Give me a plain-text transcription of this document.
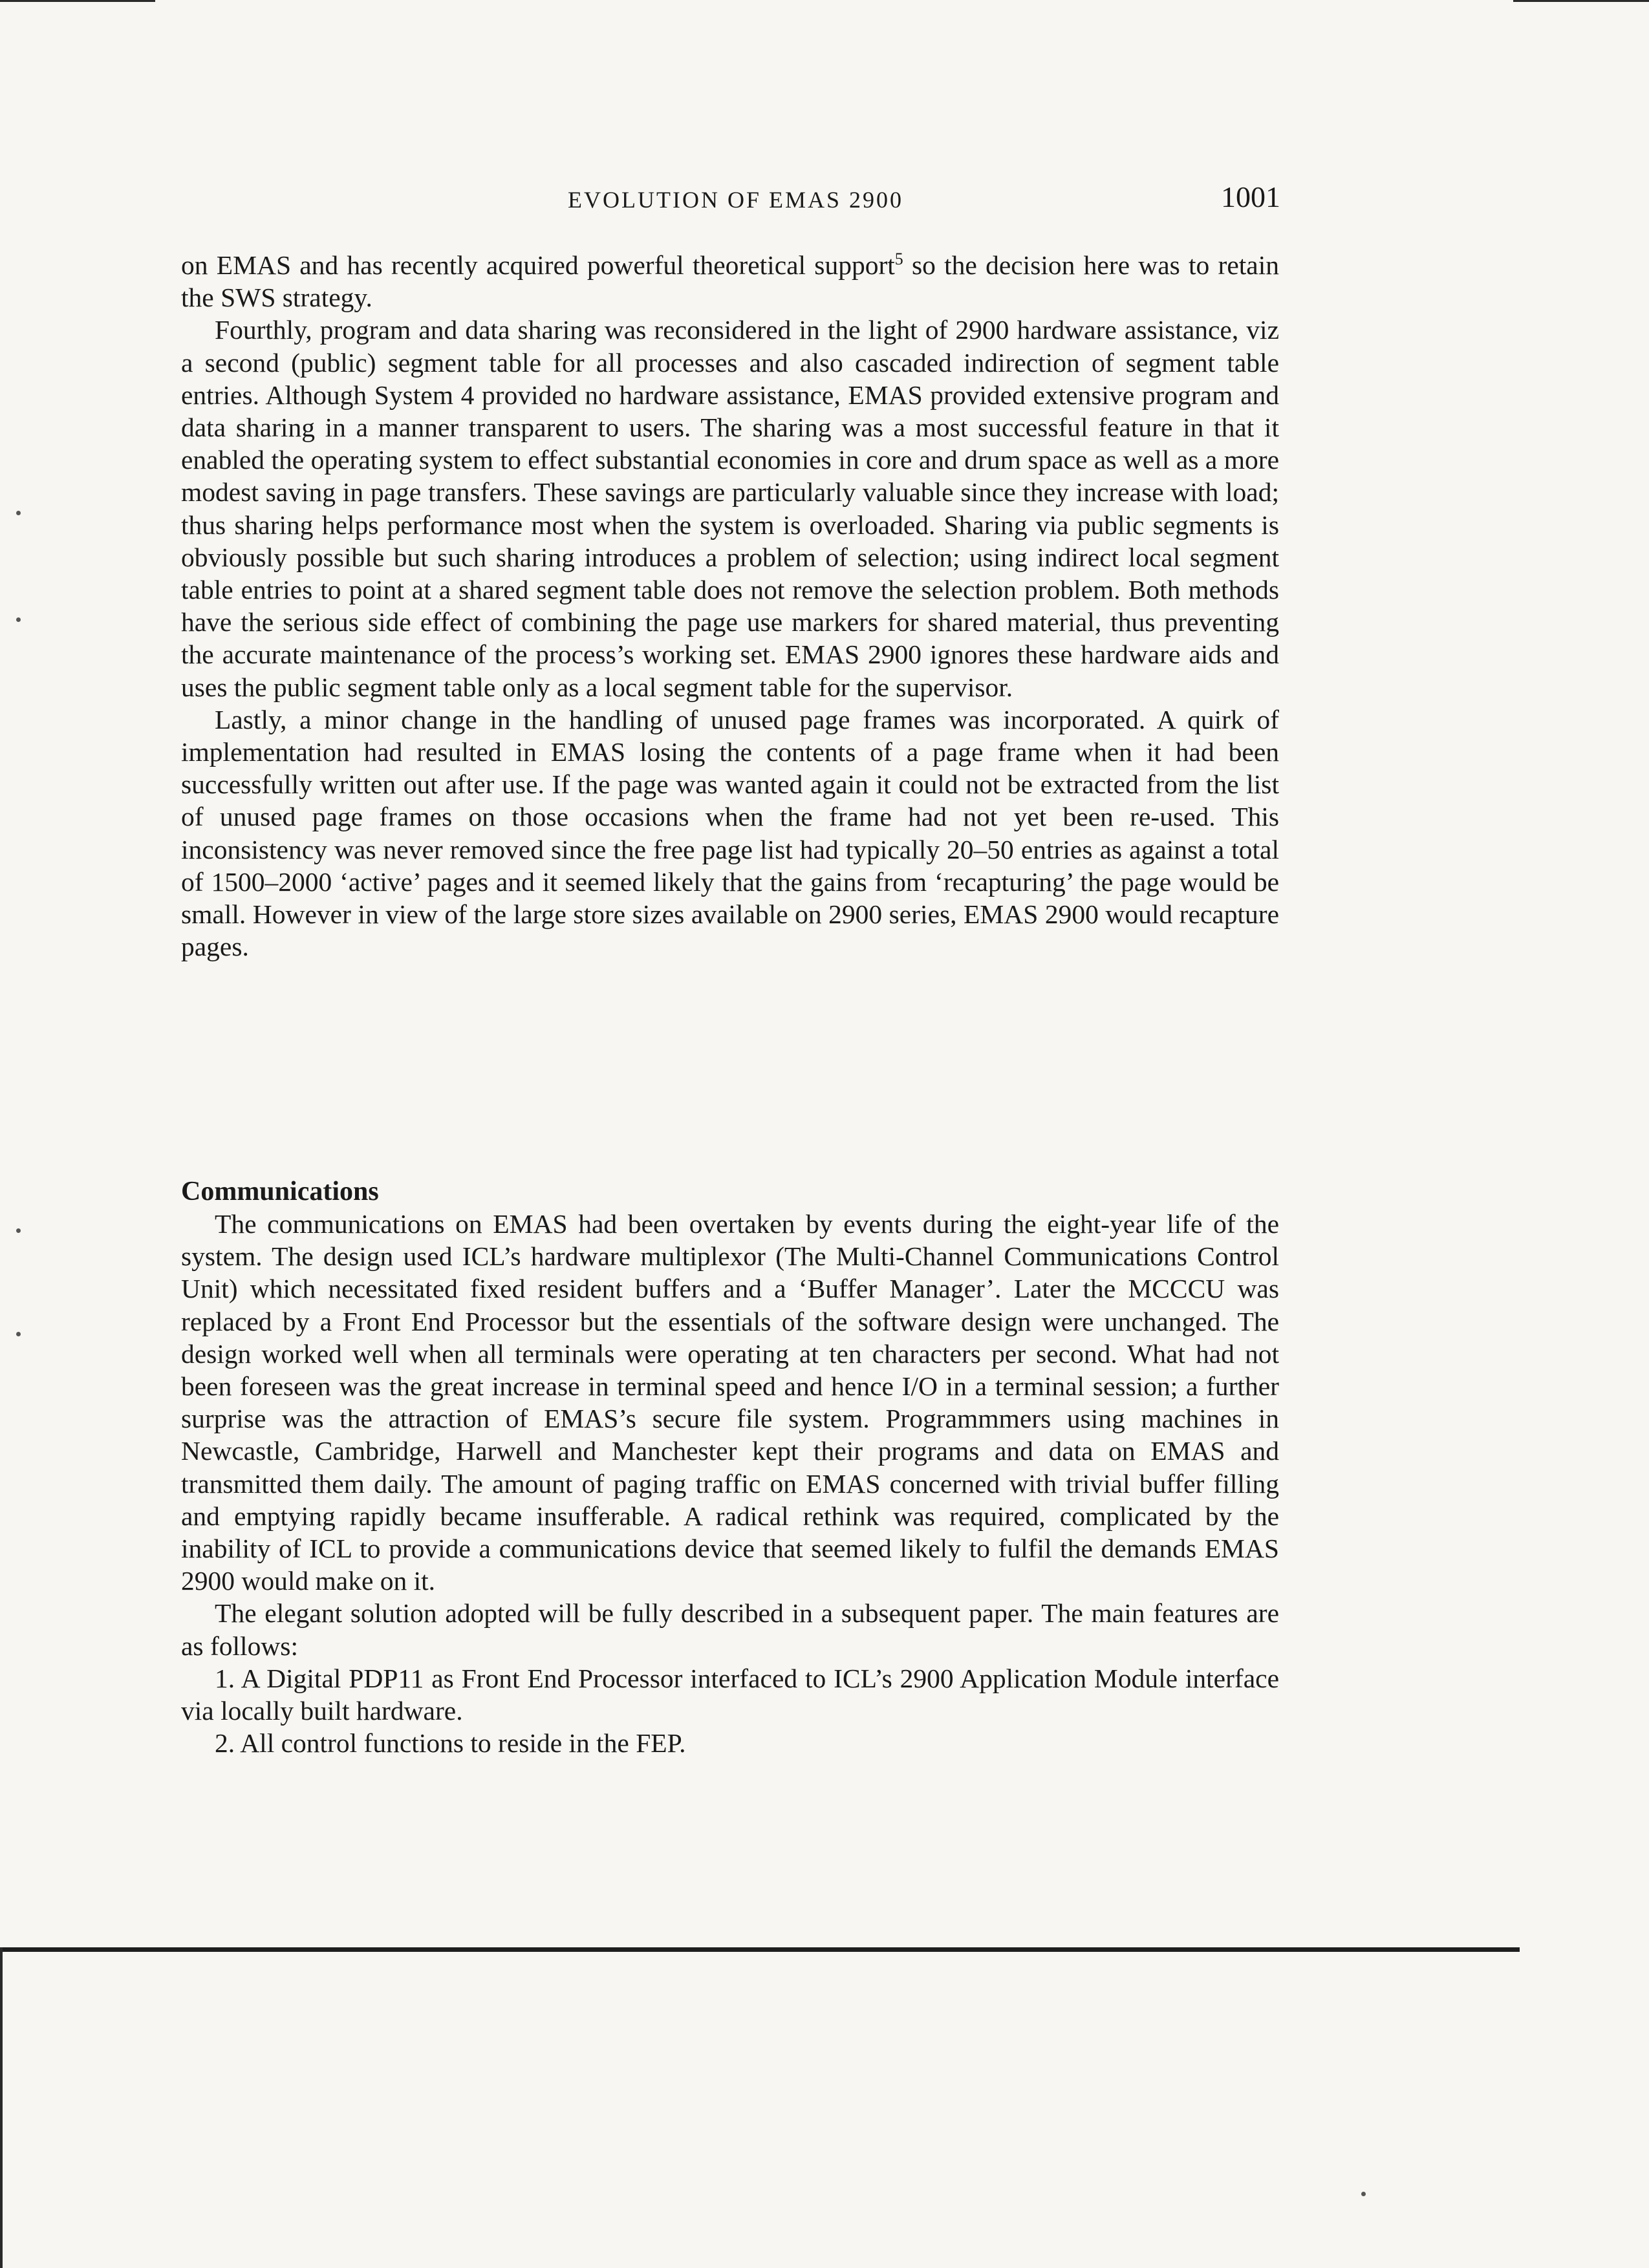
EVOLUTION OF EMAS 2900	1001

on EMAS and has recently acquired powerful theoretical support$^5$ so the decision here was to retain the SWS strategy.

Fourthly, program and data sharing was reconsidered in the light of 2900 hardware assistance, viz a second (public) segment table for all processes and also cascaded indirection of segment table entries. Although System 4 provided no hardware assistance, EMAS provided extensive program and data sharing in a manner transparent to users. The sharing was a most successful feature in that it enabled the operating system to effect substantial economies in core and drum space as well as a more modest saving in page transfers. These savings are particularly valuable since they increase with load; thus sharing helps performance most when the system is overloaded. Sharing via public segments is obviously possible but such sharing introduces a problem of selection; using indirect local segment table entries to point at a shared segment table does not remove the selection problem. Both methods have the serious side effect of combining the page use markers for shared material, thus preventing the accurate maintenance of the process’s working set. EMAS 2900 ignores these hardware aids and uses the public segment table only as a local segment table for the supervisor.

Lastly, a minor change in the handling of unused page frames was incorporated. A quirk of implementation had resulted in EMAS losing the contents of a page frame when it had been successfully written out after use. If the page was wanted again it could not be extracted from the list of unused page frames on those occasions when the frame had not yet been re-used. This inconsistency was never removed since the free page list had typically 20–50 entries as against a total of 1500–2000 ‘active’ pages and it seemed likely that the gains from ‘recapturing’ the page would be small. However in view of the large store sizes available on 2900 series, EMAS 2900 would recapture pages.

Communications

The communications on EMAS had been overtaken by events during the eight-year life of the system. The design used ICL’s hardware multiplexor (The Multi-Channel Communications Control Unit) which necessitated fixed resident buffers and a ‘Buffer Manager’. Later the MCCCU was replaced by a Front End Processor but the essentials of the software design were unchanged. The design worked well when all terminals were operating at ten characters per second. What had not been foreseen was the great increase in terminal speed and hence I/O in a terminal session; a further surprise was the attraction of EMAS’s secure file system. Programmmers using machines in Newcastle, Cambridge, Harwell and Manchester kept their programs and data on EMAS and transmitted them daily. The amount of paging traffic on EMAS concerned with trivial buffer filling and emptying rapidly became insufferable. A radical rethink was required, complicated by the inability of ICL to provide a communications device that seemed likely to fulfil the demands EMAS 2900 would make on it.

The elegant solution adopted will be fully described in a subsequent paper. The main features are as follows:

1. A Digital PDP11 as Front End Processor interfaced to ICL’s 2900 Application Module interface via locally built hardware.

2. All control functions to reside in the FEP.
